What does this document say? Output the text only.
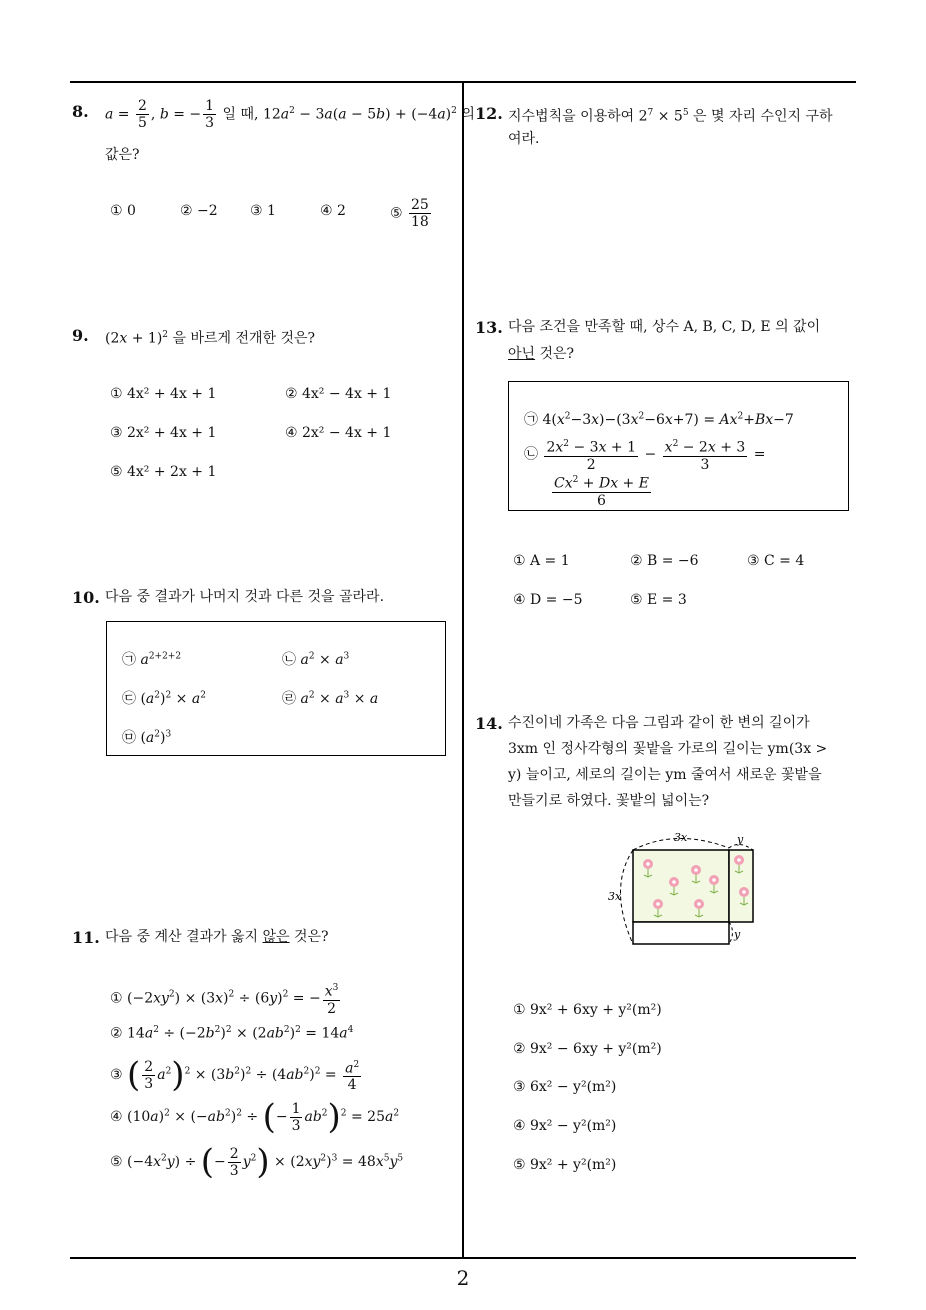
8. $a = \frac{2}{5}$ , b = − $\frac{1}{3}$ 일 때, $12a^2 - 3a(a - 5b) + (-4a)^2$ 의
값은?
① 0	② −2 ③ 1	④ 2	⑤ $\frac{25}{18}$
9. $(2x + 1)^2$ 을 바르게 전개한 것은?
① 4x² + 4x + 1	② 4x² − 4x + 1
③ 2x² + 4x + 1	④ 2x² − 4x + 1
⑤ 4x² + 2x + 1
10. 다음 중 결과가 나머지 것과 다른 것을 골라라.
㉠ $a^{2+2+2}$	㉡ $a^2 \times a^3$
㉢ $(a^2)^2 \times a^2$	㉣ $a^2 \times a^3 \times a$
㉤ $(a^2)^3$
11. 다음 중 계산 결과가 옳지 않은 것은?
① $(-2xy^2) \times (3x)^2 \div (6y)^2$ = − $\frac{x^3}{2}$
② $14a^2 \div (-2b^2)^2 \times (2ab^2)^2 = 14a^4$
③ ( $\frac{2}{3} a^2)^2 \times (3b^2)^2 \div (4ab^2)^2 = \frac{a^2}{4}$
④ $(10a)^2 \times (-ab^2)^2$ ÷ (− $\frac{1}{3} ab^2)^2 = 25a^2$
⑤ $(-4x^2y)$ ÷ (− $\frac{2}{3} y^2) \times (2xy^2)^3 = 48x^5y^5$
12. 지수법칙을 이용하여 $2^7 \times 5^5$ 은 몇 자리 수인지 구하
여라.
13. 다음 조건을 만족할 때, 상수 A, B, C, D, E 의 값이
아닌 것은?
㉠ $4(x^2-3x)-(3x^2-6x+7) = Ax^2+Bx-7$
㉡ $\frac{2x^2 - 3x + 1}{2} - \frac{x^2 - 2x + 3}{3}$ =
$\frac{Cx^2 + Dx + E}{6}$
① A = 1	② B = −6	③ C = 4
④ D = −5	⑤ E = 3
14. 수진이네 가족은 다음 그림과 같이 한 변의 길이가
3xm 인 정사각형의 꽃밭을 가로의 길이는 ym(3x >
y) 늘이고, 세로의 길이는 ym 줄여서 새로운 꽃밭을
만들기로 하였다. 꽃밭의 넓이는?
3x	y
3x
y
① 9x² + 6xy + y²(m²)
② 9x² − 6xy + y²(m²)
③ 6x² − y²(m²)
④ 9x² − y²(m²)
⑤ 9x² + y²(m²)
2
